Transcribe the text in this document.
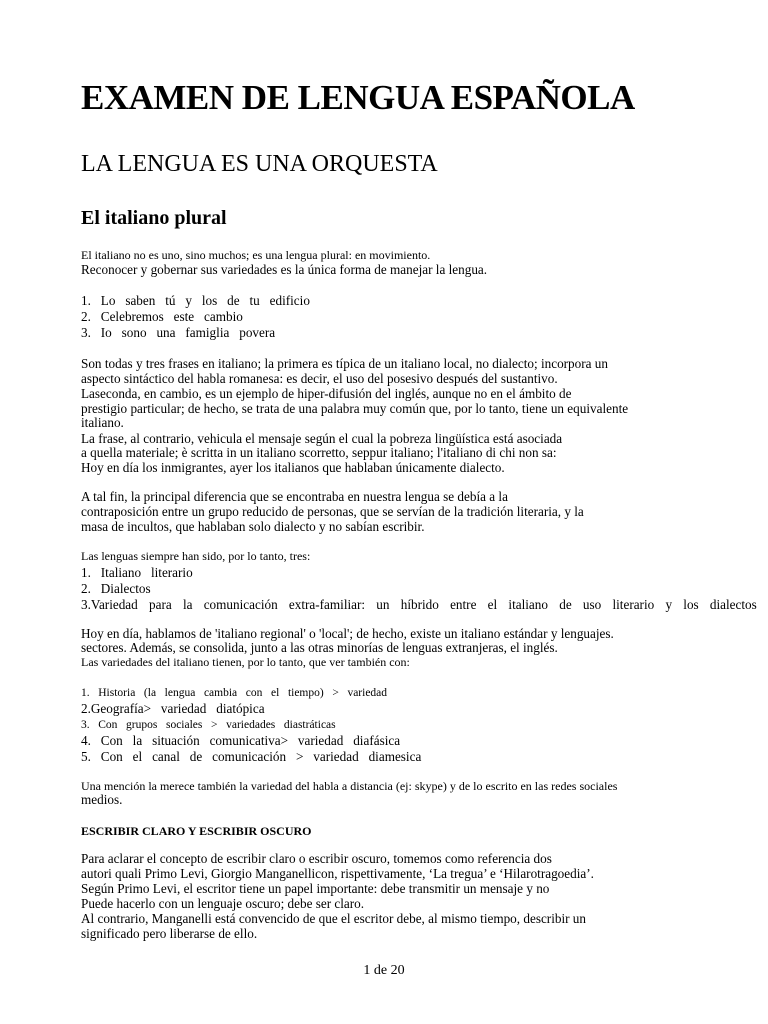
EXAMEN DE LENGUA ESPAÑOLA
LA LENGUA ES UNA ORQUESTA
El italiano plural
El italiano no es uno, sino muchos; es una lengua plural: en movimiento.
Reconocer y gobernar sus variedades es la única forma de manejar la lengua.
1.   Lo   saben   tú   y   los   de   tu   edificio
2.   Celebremos   este   cambio
3.   Io   sono   una   famiglia   povera
Son todas y tres frases en italiano; la primera es típica de un italiano local, no dialecto; incorpora un
aspecto sintáctico del habla romanesa: es decir, el uso del posesivo después del sustantivo.
Laseconda, en cambio, es un ejemplo de hiper-difusión del inglés, aunque no en el ámbito de
prestigio particular; de hecho, se trata de una palabra muy común que, por lo tanto, tiene un equivalente
italiano.
La frase, al contrario, vehicula el mensaje según el cual la pobreza lingüística está asociada
a quella materiale; è scritta in un italiano scorretto, seppur italiano; l'italiano di chi non sa:
Hoy en día los inmigrantes, ayer los italianos que hablaban únicamente dialecto.
A tal fin, la principal diferencia que se encontraba en nuestra lengua se debía a la
contraposición entre un grupo reducido de personas, que se servían de la tradición literaria, y la
masa de incultos, que hablaban solo dialecto y no sabían escribir.
Las lenguas siempre han sido, por lo tanto, tres:
1.   Italiano   literario
2.   Dialectos
3.Variedad para la comunicación extra-familiar: un híbrido entre el italiano de uso literario y los dialectos
Hoy en día, hablamos de 'italiano regional' o 'local'; de hecho, existe un italiano estándar y lenguajes.
sectores. Además, se consolida, junto a las otras minorías de lenguas extranjeras, el inglés.
Las variedades del italiano tienen, por lo tanto, que ver también con:
1.   Historia   (la   lengua   cambia   con   el   tiempo)   >   variedad
2.Geografía>   variedad   diatópica
3.   Con   grupos   sociales   >   variedades   diastráticas
4.   Con   la   situación   comunicativa>   variedad   diafásica
5.   Con   el   canal   de   comunicación   >   variedad   diamesica
Una mención la merece también la variedad del habla a distancia (ej: skype) y de lo escrito en las redes sociales
medios.
ESCRIBIR CLARO Y ESCRIBIR OSCURO
Para aclarar el concepto de escribir claro o escribir oscuro, tomemos como referencia dos
autori quali Primo Levi, Giorgio Manganellicon, rispettivamente, ‘La tregua’ e ‘Hilarotragoedia’.
Según Primo Levi, el escritor tiene un papel importante: debe transmitir un mensaje y no
Puede hacerlo con un lenguaje oscuro; debe ser claro.
Al contrario, Manganelli está convencido de que el escritor debe, al mismo tiempo, describir un
significado pero liberarse de ello.
1 de 20
